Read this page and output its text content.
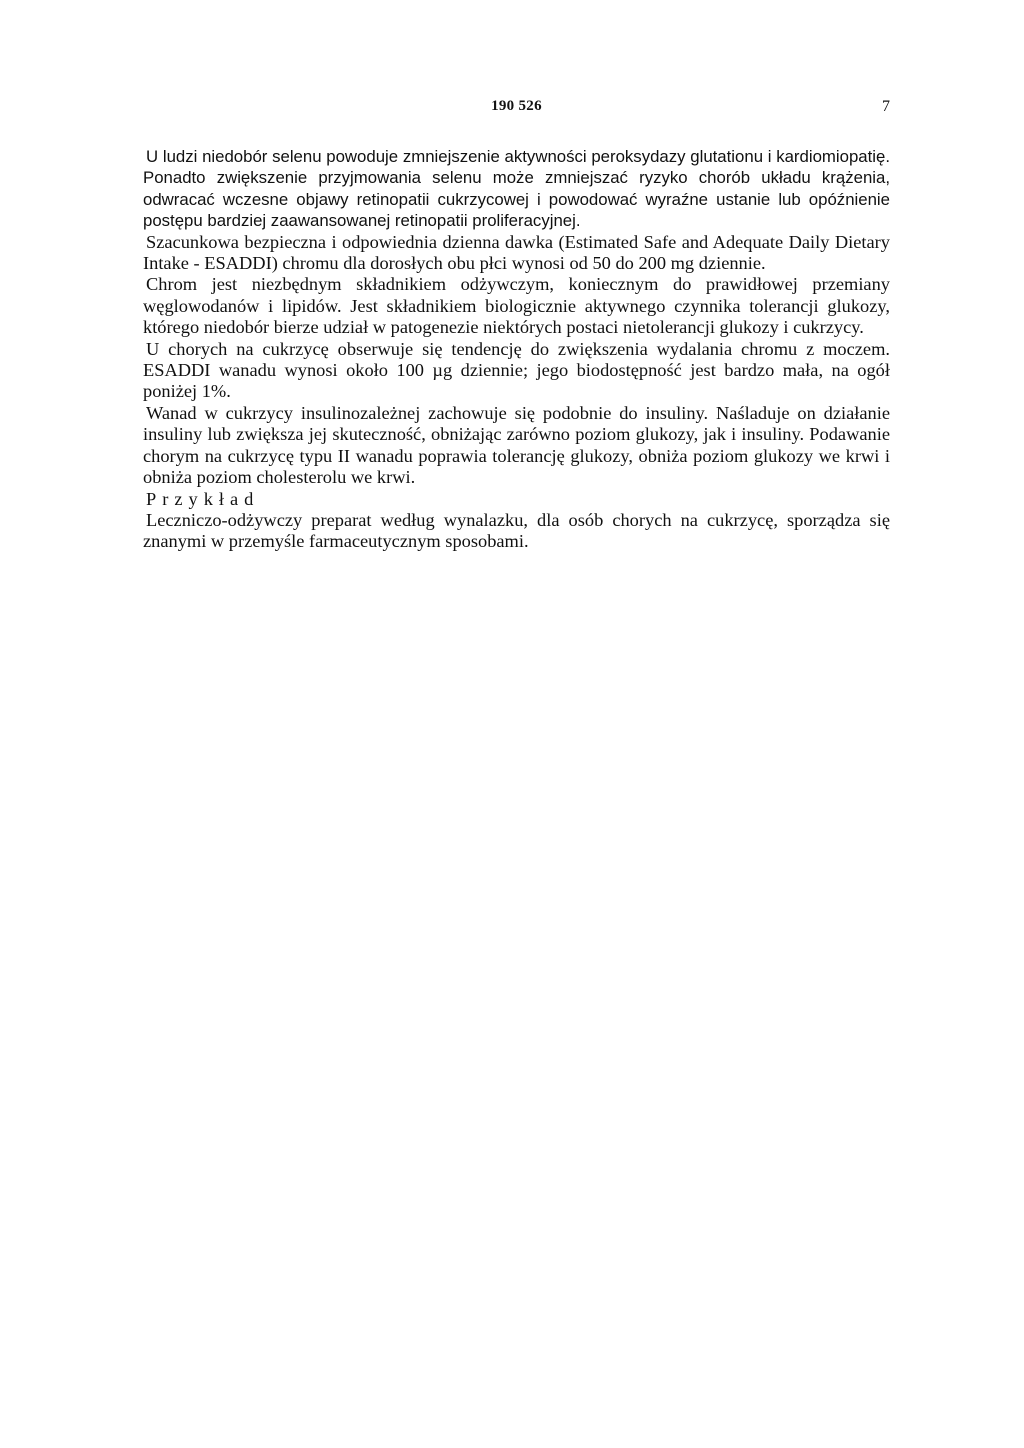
190 526	7

U ludzi niedobór selenu powoduje zmniejszenie aktywności peroksydazy glutationu i kardiomiopatię. Ponadto zwiększenie przyjmowania selenu może zmniejszać ryzyko chorób układu krążenia, odwracać wczesne objawy retinopatii cukrzycowej i powodować wyraźne ustanie lub opóźnienie postępu bardziej zaawansowanej retinopatii proliferacyjnej.

Szacunkowa bezpieczna i odpowiednia dzienna dawka (Estimated Safe and Adequate Daily Dietary Intake - ESADDI) chromu dla dorosłych obu płci wynosi od 50 do 200 mg dziennie.

Chrom jest niezbędnym składnikiem odżywczym, koniecznym do prawidłowej przemiany węglowodanów i lipidów. Jest składnikiem biologicznie aktywnego czynnika tolerancji glukozy, którego niedobór bierze udział w patogenezie niektórych postaci nietolerancji glukozy i cukrzycy.

U chorych na cukrzycę obserwuje się tendencję do zwiększenia wydalania chromu z moczem. ESADDI wanadu wynosi około 100 µg dziennie; jego biodostępność jest bardzo mała, na ogół poniżej 1%.

Wanad w cukrzycy insulinozależnej zachowuje się podobnie do insuliny. Naśladuje on działanie insuliny lub zwiększa jej skuteczność, obniżając zarówno poziom glukozy, jak i insuliny. Podawanie chorym na cukrzycę typu II wanadu poprawia tolerancję glukozy, obniża poziom glukozy we krwi i obniża poziom cholesterolu we krwi.

Przykład

Leczniczo-odżywczy preparat według wynalazku, dla osób chorych na cukrzycę, sporządza się znanymi w przemyśle farmaceutycznym sposobami.
